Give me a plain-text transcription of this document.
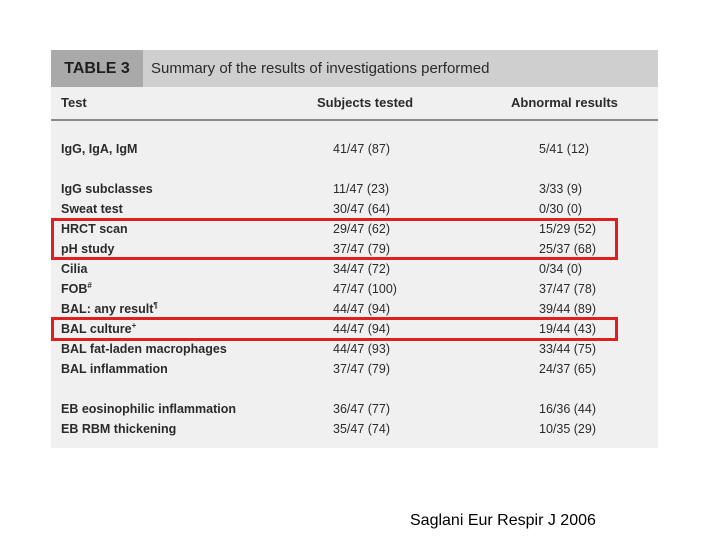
TABLE 3	Summary of the results of investigations performed
Test	Subjects tested	Abnormal results
IgG, IgA, IgM	41/47 (87)	5/41 (12)
IgG subclasses	11/47 (23)	3/33 (9)
Sweat test	30/47 (64)	0/30 (0)
HRCT scan	29/47 (62)	15/29 (52)
pH study	37/47 (79)	25/37 (68)
Cilia	34/47 (72)	0/34 (0)
FOB#	47/47 (100)	37/47 (78)
BAL: any result¶	44/47 (94)	39/44 (89)
BAL culture+	44/47 (94)	19/44 (43)
BAL fat-laden macrophages	44/47 (93)	33/44 (75)
BAL inflammation	37/47 (79)	24/37 (65)
EB eosinophilic inflammation	36/47 (77)	16/36 (44)
EB RBM thickening	35/47 (74)	10/35 (29)
Saglani Eur Respir J 2006
